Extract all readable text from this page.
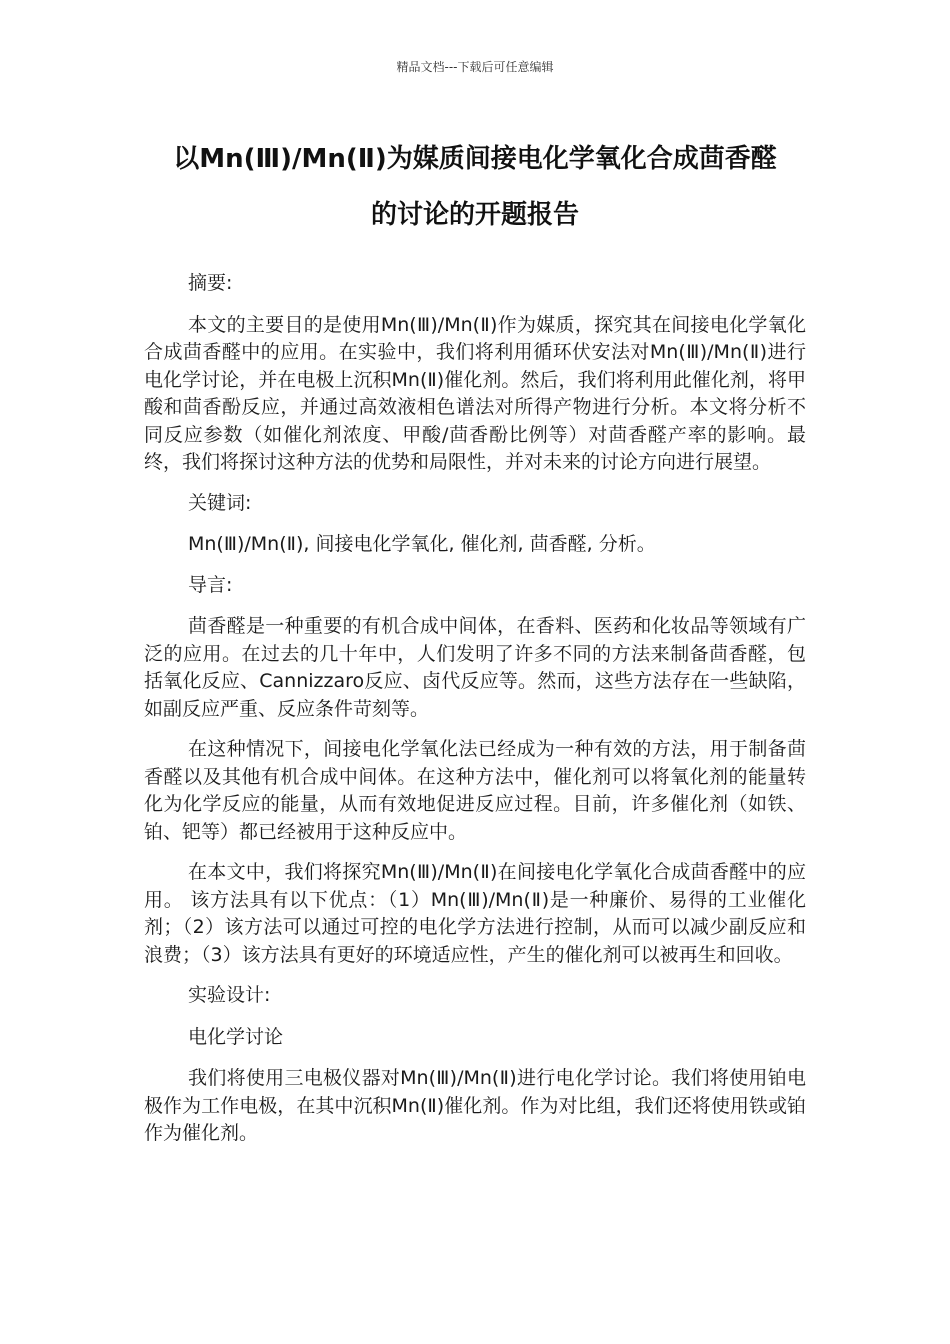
精品文档---下载后可任意编辑
以Mn(Ⅲ)/Mn(Ⅱ)为媒质间接电化学氧化合成茴香醛
的讨论的开题报告

摘要:

本文的主要目的是使用Mn(Ⅲ)/Mn(Ⅱ)作为媒质，探究其在间接电化学氧化合成茴香醛中的应用。在实验中，我们将利用循环伏安法对Mn(Ⅲ)/Mn(Ⅱ)进行电化学讨论，并在电极上沉积Mn(Ⅱ)催化剂。然后，我们将利用此催化剂，将甲酸和茴香酚反应，并通过高效液相色谱法对所得产物进行分析。本文将分析不同反应参数（如催化剂浓度、甲酸/茴香酚比例等）对茴香醛产率的影响。最终，我们将探讨这种方法的优势和局限性，并对未来的讨论方向进行展望。

关键词:

Mn(Ⅲ)/Mn(Ⅱ), 间接电化学氧化, 催化剂, 茴香醛, 分析。

导言:

茴香醛是一种重要的有机合成中间体，在香料、医药和化妆品等领域有广泛的应用。在过去的几十年中，人们发明了许多不同的方法来制备茴香醛，包括氧化反应、Cannizzaro反应、卤代反应等。然而，这些方法存在一些缺陷，如副反应严重、反应条件苛刻等。

在这种情况下，间接电化学氧化法已经成为一种有效的方法，用于制备茴香醛以及其他有机合成中间体。在这种方法中，催化剂可以将氧化剂的能量转化为化学反应的能量，从而有效地促进反应过程。目前，许多催化剂（如铁、铂、钯等）都已经被用于这种反应中。

在本文中，我们将探究Mn(Ⅲ)/Mn(Ⅱ)在间接电化学氧化合成茴香醛中的应用。 该方法具有以下优点：（1）Mn(Ⅲ)/Mn(Ⅱ)是一种廉价、易得的工业催化剂；（2）该方法可以通过可控的电化学方法进行控制，从而可以减少副反应和浪费；（3）该方法具有更好的环境适应性，产生的催化剂可以被再生和回收。

实验设计:

电化学讨论

我们将使用三电极仪器对Mn(Ⅲ)/Mn(Ⅱ)进行电化学讨论。我们将使用铂电极作为工作电极，在其中沉积Mn(Ⅱ)催化剂。作为对比组，我们还将使用铁或铂作为催化剂。
